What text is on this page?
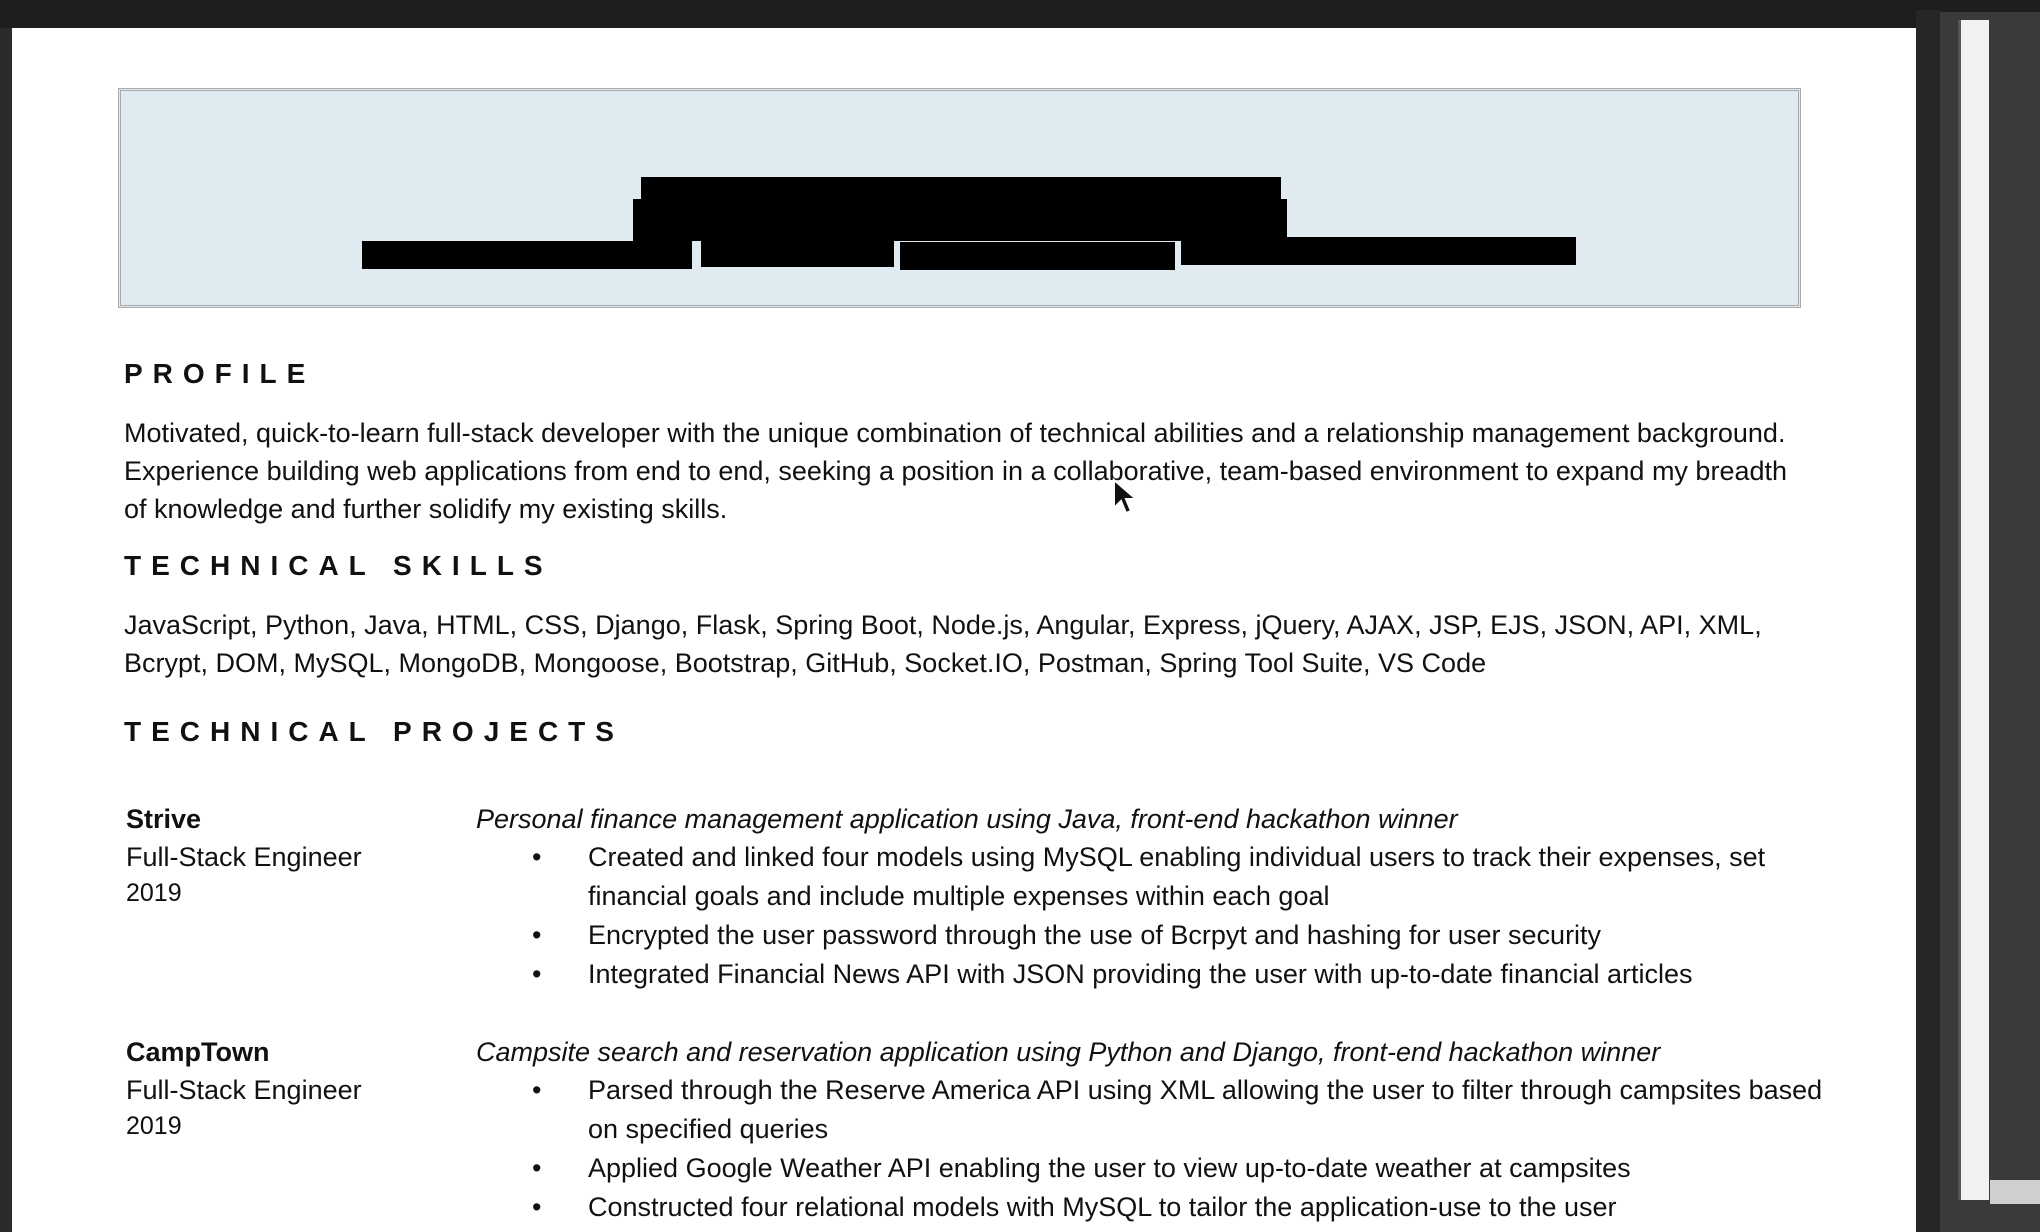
PROFILE

Motivated, quick-to-learn full-stack developer with the unique combination of technical abilities and a relationship management background. Experience building web applications from end to end, seeking a position in a collaborative, team-based environment to expand my breadth of knowledge and further solidify my existing skills.

TECHNICAL SKILLS

JavaScript, Python, Java, HTML, CSS, Django, Flask, Spring Boot, Node.js, Angular, Express, jQuery, AJAX, JSP, EJS, JSON, API, XML, Bcrypt, DOM, MySQL, MongoDB, Mongoose, Bootstrap, GitHub, Socket.IO, Postman, Spring Tool Suite, VS Code

TECHNICAL PROJECTS

Strive

Full-Stack Engineer

2019

Personal finance management application using Java, front-end hackathon winner

• Created and linked four models using MySQL enabling individual users to track their expenses, set financial goals and include multiple expenses within each goal
• Encrypted the user password through the use of Bcrpyt and hashing for user security
• Integrated Financial News API with JSON providing the user with up-to-date financial articles

CampTown

Full-Stack Engineer

2019

Campsite search and reservation application using Python and Django, front-end hackathon winner

• Parsed through the Reserve America API using XML allowing the user to filter through campsites based on specified queries
• Applied Google Weather API enabling the user to view up-to-date weather at campsites
• Constructed four relational models with MySQL to tailor the application-use to the user
